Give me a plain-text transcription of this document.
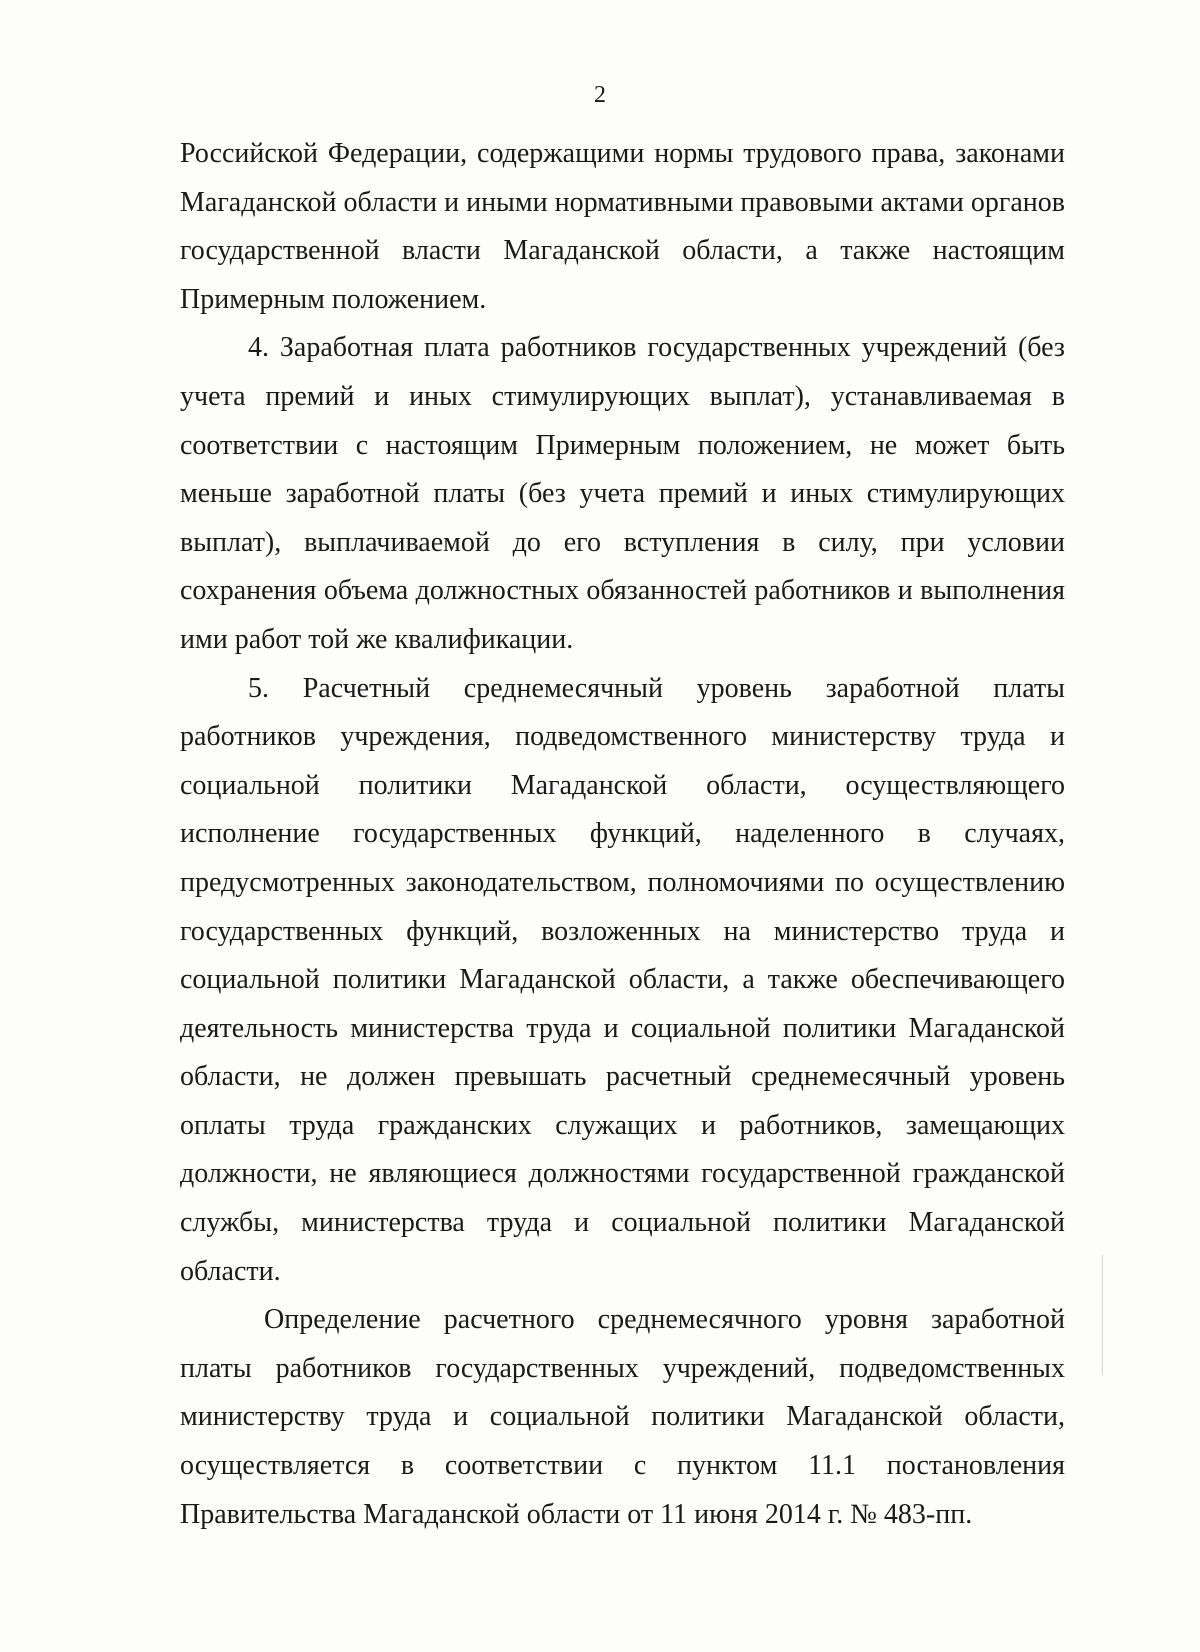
2

Российской Федерации, содержащими нормы трудового права, законами Магаданской области и иными нормативными правовыми актами органов государственной власти Магаданской области, а также настоящим Примерным положением.

4. Заработная плата работников государственных учреждений (без учета премий и иных стимулирующих выплат), устанавливаемая в соответствии с настоящим Примерным положением, не может быть меньше заработной платы (без учета премий и иных стимулирующих выплат), выплачиваемой до его вступления в силу, при условии сохранения объема должностных обязанностей работников и выполнения ими работ той же квалификации.

5. Расчетный среднемесячный уровень заработной платы работников учреждения, подведомственного министерству труда и социальной политики Магаданской области, осуществляющего исполнение государственных функций, наделенного в случаях, предусмотренных законодательством, полномочиями по осуществлению государственных функций, возложенных на министерство труда и социальной политики Магаданской области, а также обеспечивающего деятельность министерства труда и социальной политики Магаданской области, не должен превышать расчетный среднемесячный уровень оплаты труда гражданских служащих и работников, замещающих должности, не являющиеся должностями государственной гражданской службы, министерства труда и социальной политики Магаданской области.

Определение расчетного среднемесячного уровня заработной платы работников государственных учреждений, подведомственных министерству труда и социальной политики Магаданской области, осуществляется в соответствии с пунктом 11.1 постановления Правительства Магаданской области от 11 июня 2014 г. № 483-пп.
